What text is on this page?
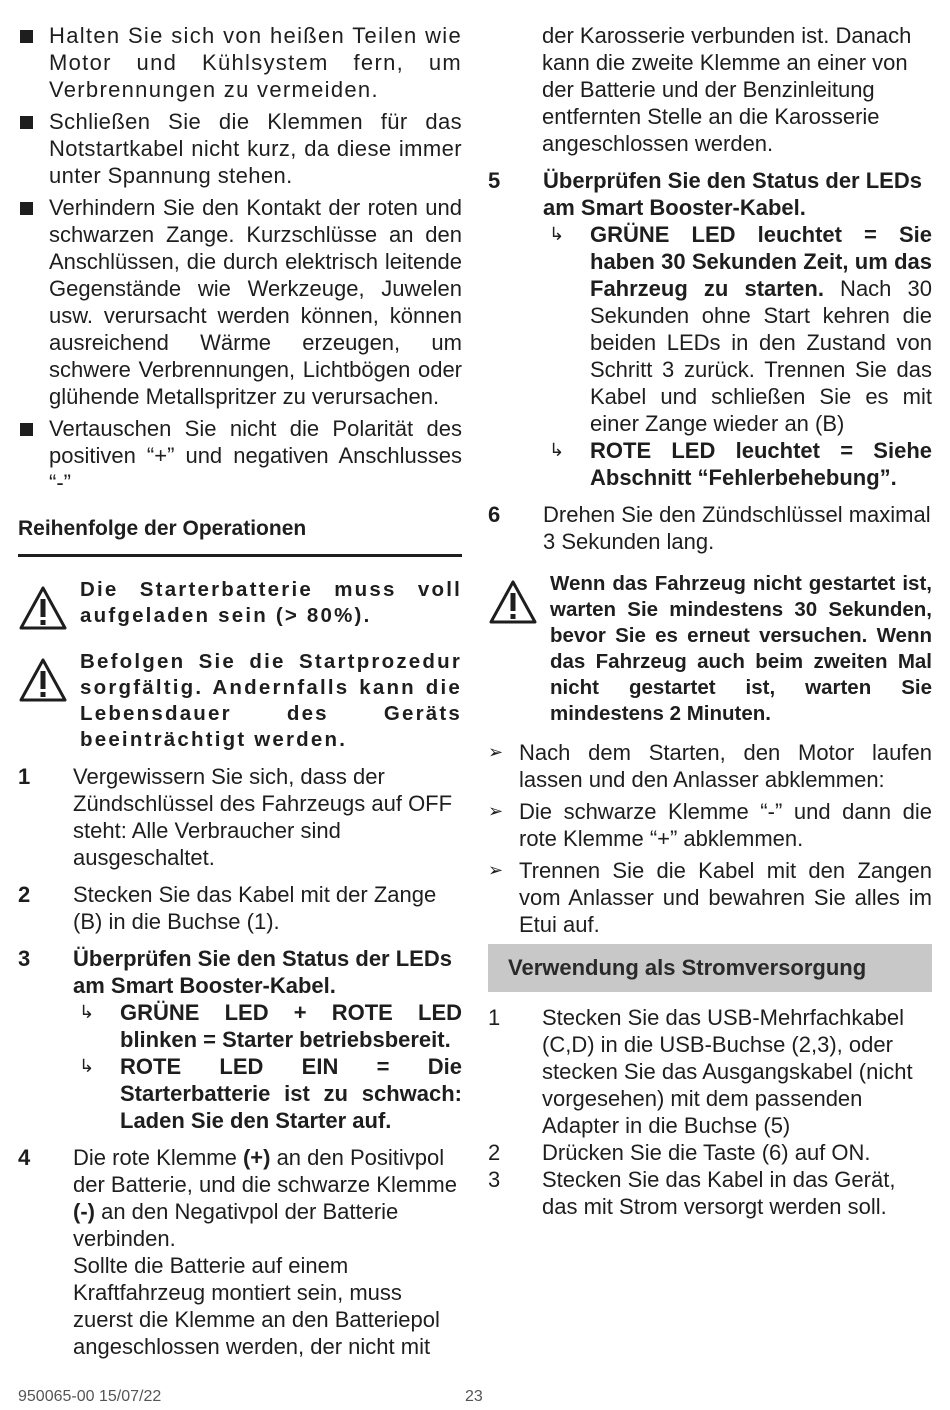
Halten Sie sich von heißen Teilen wie Motor und Kühlsystem fern, um Verbrennungen zu vermeiden.
Schließen Sie die Klemmen für das Notstartkabel nicht kurz, da diese immer unter Spannung stehen.
Verhindern Sie den Kontakt der roten und schwarzen Zange. Kurzschlüsse an den Anschlüssen, die durch elektrisch leitende Gegenstände wie Werkzeuge, Juwelen usw. verursacht werden können, können ausreichend Wärme erzeugen, um schwere Verbrennungen, Lichtbögen oder glühende Metallspritzer zu verursachen.
Vertauschen Sie nicht die Polarität des positiven “+” und negativen Anschlusses “-”
Reihenfolge der Operationen
Die Starterbatterie muss voll aufgeladen sein (> 80%).
Befolgen Sie die Startprozedur sorgfältig. Andernfalls kann die Lebensdauer des Geräts beeinträchtigt werden.
1 Vergewissern Sie sich, dass der Zündschlüssel des Fahrzeugs auf OFF steht: Alle Verbraucher sind ausgeschaltet.
2 Stecken Sie das Kabel mit der Zange (B) in die Buchse (1).
3 Überprüfen Sie den Status der LEDs am Smart Booster-Kabel.
↳ GRÜNE LED + ROTE LED blinken = Starter betriebsbereit.
↳ ROTE LED EIN = Die Starterbatterie ist zu schwach: Laden Sie den Starter auf.
4 Die rote Klemme (+) an den Positivpol der Batterie, und die schwarze Klemme (-) an den Negativpol der Batterie verbinden.
Sollte die Batterie auf einem Kraftfahrzeug montiert sein, muss zuerst die Klemme an den Batteriepol angeschlossen werden, der nicht mit
der Karosserie verbunden ist. Danach kann die zweite Klemme an einer von der Batterie und der Benzinleitung entfernten Stelle an die Karosserie angeschlossen werden.
5 Überprüfen Sie den Status der LEDs am Smart Booster-Kabel.
↳ GRÜNE LED leuchtet = Sie haben 30 Sekunden Zeit, um das Fahrzeug zu starten. Nach 30 Sekunden ohne Start kehren die beiden LEDs in den Zustand von Schritt 3 zurück. Trennen Sie das Kabel und schließen Sie es mit einer Zange wieder an (B)
↳ ROTE LED leuchtet = Siehe Abschnitt “Fehlerbehebung”.
6 Drehen Sie den Zündschlüssel maximal 3 Sekunden lang.
Wenn das Fahrzeug nicht gestartet ist, warten Sie mindestens 30 Sekunden, bevor Sie es erneut versuchen. Wenn das Fahrzeug auch beim zweiten Mal nicht gestartet ist, warten Sie mindestens 2 Minuten.
➢ Nach dem Starten, den Motor laufen lassen und den Anlasser abklemmen:
➢ Die schwarze Klemme “-” und dann die rote Klemme “+” abklemmen.
➢ Trennen Sie die Kabel mit den Zangen vom Anlasser und bewahren Sie alles im Etui auf.
Verwendung als Stromversorgung
1 Stecken Sie das USB-Mehrfachkabel (C,D) in die USB-Buchse (2,3), oder stecken Sie das Ausgangskabel (nicht vorgesehen) mit dem passenden Adapter in die Buchse (5)
2 Drücken Sie die Taste (6) auf ON.
3 Stecken Sie das Kabel in das Gerät, das mit Strom versorgt werden soll.
950065-00 15/07/22	23
